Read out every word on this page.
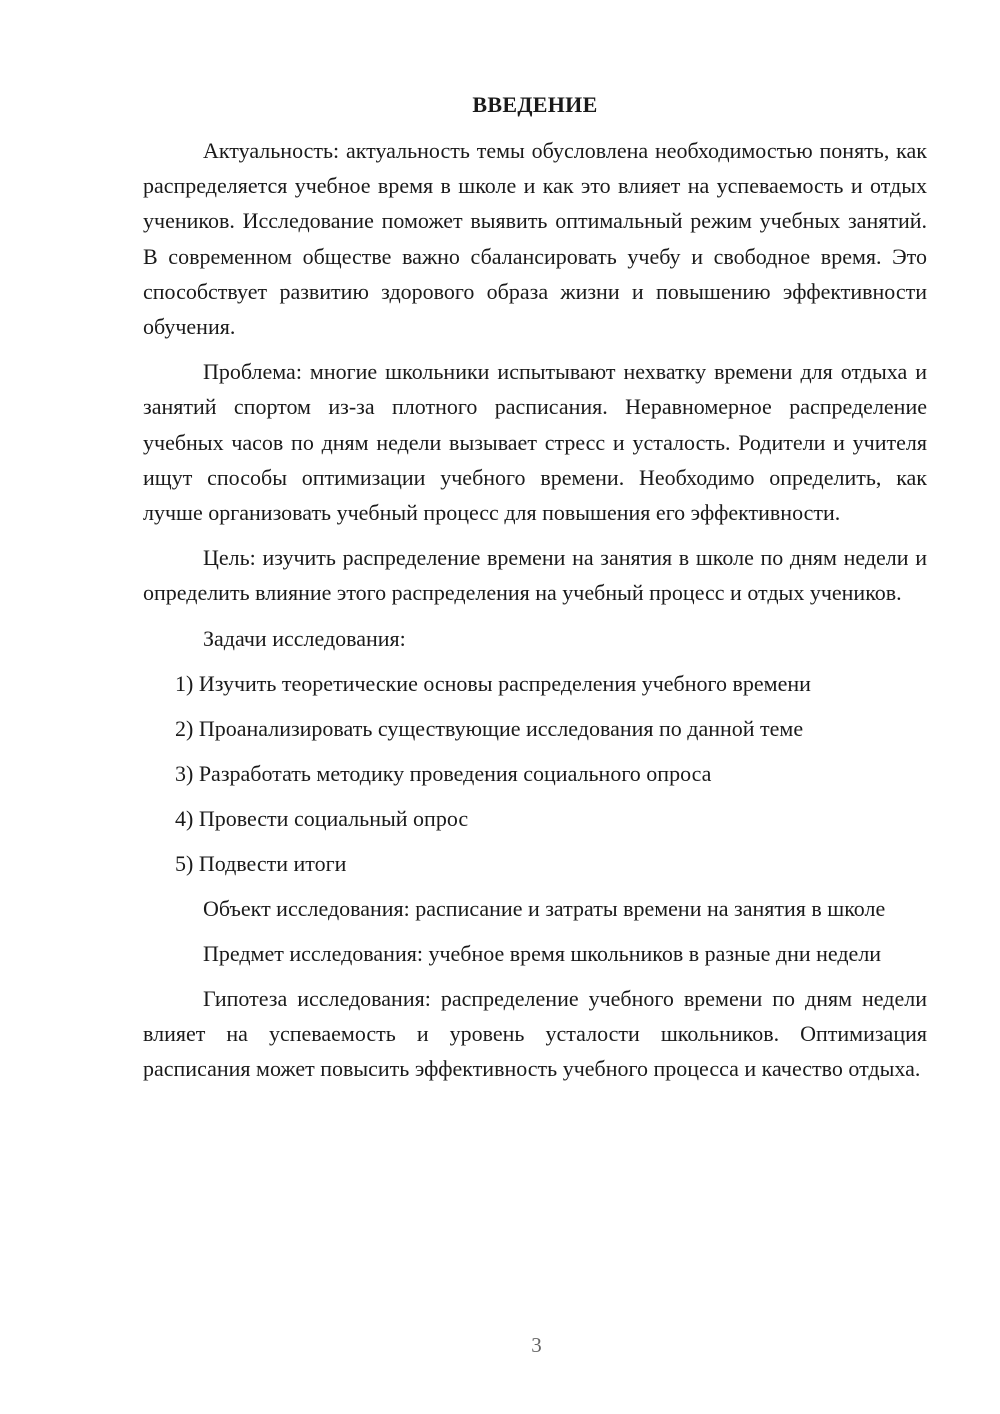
ВВЕДЕНИЕ

Актуальность: актуальность темы обусловлена необходимостью понять, как распределяется учебное время в школе и как это влияет на успеваемость и отдых учеников. Исследование поможет выявить оптимальный режим учебных занятий. В современном обществе важно сбалансировать учебу и свободное время. Это способствует развитию здорового образа жизни и повышению эффективности обучения.

Проблема: многие школьники испытывают нехватку времени для отдыха и занятий спортом из-за плотного расписания. Неравномерное распределение учебных часов по дням недели вызывает стресс и усталость. Родители и учителя ищут способы оптимизации учебного времени. Необходимо определить, как лучше организовать учебный процесс для повышения его эффективности.

Цель: изучить распределение времени на занятия в школе по дням недели и определить влияние этого распределения на учебный процесс и отдых учеников.

Задачи исследования:

1) Изучить теоретические основы распределения учебного времени
2) Проанализировать существующие исследования по данной теме
3) Разработать методику проведения социального опроса
4) Провести социальный опрос
5) Подвести итоги

Объект исследования: расписание и затраты времени на занятия в школе

Предмет исследования: учебное время школьников в разные дни недели

Гипотеза исследования: распределение учебного времени по дням недели влияет на успеваемость и уровень усталости школьников. Оптимизация расписания может повысить эффективность учебного процесса и качество отдыха.

3
